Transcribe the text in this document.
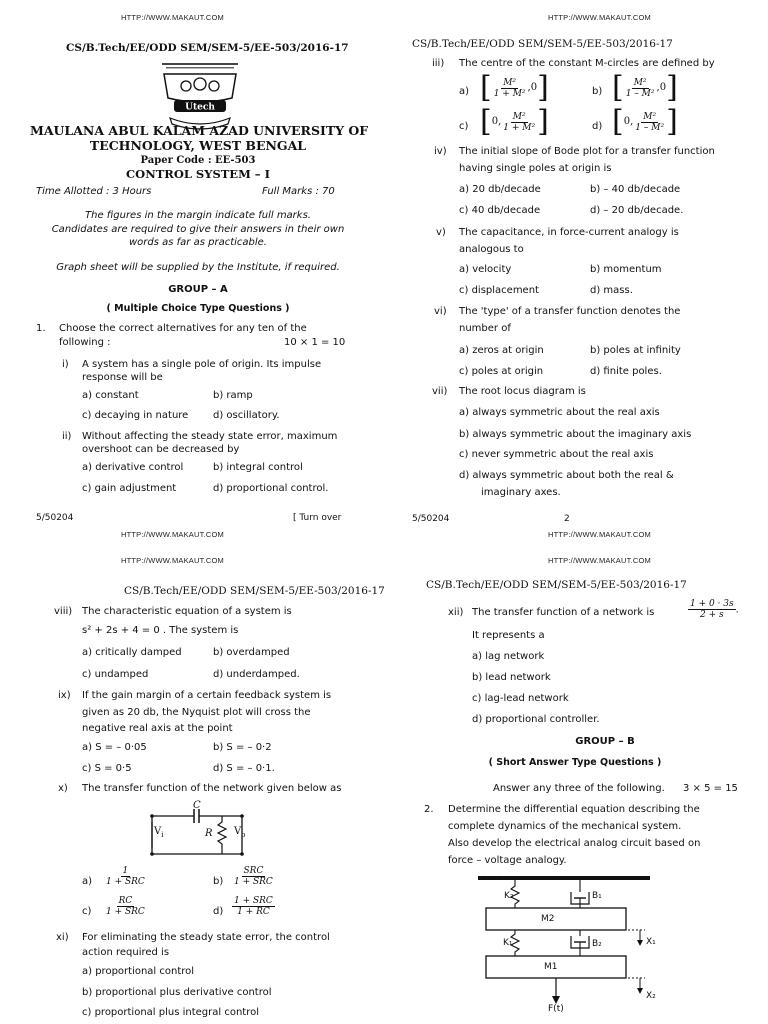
HTTP://WWW.MAKAUT.COM	HTTP://WWW.MAKAUT.COM
HTTP://WWW.MAKAUT.COM	HTTP://WWW.MAKAUT.COM
HTTP://WWW.MAKAUT.COM	HTTP://WWW.MAKAUT.COM
CS/B.Tech/EE/ODD SEM/SEM-5/EE-503/2016-17
Utech
MAULANA ABUL KALAM AZAD UNIVERSITY OF
TECHNOLOGY, WEST BENGAL
Paper Code : EE-503
CONTROL SYSTEM – I
Time Allotted : 3 Hours	Full Marks : 70
The figures in the margin indicate full marks.
Candidates are required to give their answers in their own
words as far as practicable.
Graph sheet will be supplied by the Institute, if required.
GROUP – A
( Multiple Choice Type Questions )
1. Choose the correct alternatives for any ten of the
following :	10 × 1 = 10
i) A system has a single pole of origin. Its impulse
response will be
a) constant	b) ramp
c) decaying in nature d) oscillatory.
ii) Without affecting the steady state error, maximum
overshoot can be decreased by
a) derivative control	b) integral control
c) gain adjustment	d) proportional control.
5/50204	[ Turn over
CS/B.Tech/EE/ODD SEM/SEM-5/EE-503/2016-17
iii) The centre of the constant M-circles are defined by
a) [ $\frac{\text{M²}}{\text{1 + M²}}$ , 0 ]	b) [ $\frac{\text{M²}}{\text{1 – M²}}$ , 0 ]
c) [ 0 , $\frac{\text{M²}}{\text{1 + M²}}$ ]	d) [ 0 , $\frac{\text{M²}}{\text{1 – M²}}$ ]
iv) The initial slope of Bode plot for a transfer function
having single poles at origin is
a) 20 db/decade	b) – 40 db/decade
c) 40 db/decade	d) – 20 db/decade.
v) The capacitance, in force-current analogy is
analogous to
a) velocity	b) momentum
c) displacement	d) mass.
vi) The 'type' of a transfer function denotes the
number of
a) zeros at origin	b) poles at infinity
c) poles at origin	d) finite poles.
vii) The root locus diagram is
a) always symmetric about the real axis
b) always symmetric about the imaginary axis
c) never symmetric about the real axis
d) always symmetric about both the real &
imaginary axes.
5/50204	2
CS/B.Tech/EE/ODD SEM/SEM-5/EE-503/2016-17
viii) The characteristic equation of a system is
s² + 2s + 4 = 0 . The system is
a) critically damped	b) overdamped
c) undamped	d) underdamped.
ix) If the gain margin of a certain feedback system is
given as 20 db, the Nyquist plot will cross the
negative real axis at the point
a) S = – 0·05	b) S = – 0·2
c) S = 0·5	d) S = – 0·1.
x) The transfer function of the network given below as
C
R
$V_i$	$V_o$
$a) \frac{1}{\text{1 + SRC}}$	$b) \frac{\text{SRC}}{\text{1 + SRC}}$
$c) \frac{RC}{\text{1 + SRC}}$	$d) \frac{\text{1 + SRC}}{1 + RC}$
xi) For eliminating the steady state error, the control
action required is
a) proportional control
b) proportional plus derivative control
c) proportional plus integral control
CS/B.Tech/EE/ODD SEM/SEM-5/EE-503/2016-17
xii) The transfer function of a network is	$\frac{1 + 0 \cdot 3s}{2 + s}$ .
It represents a
a) lag network
b) lead network
c) lag-lead network
d) proportional controller.
GROUP – B
( Short Answer Type Questions )
Answer any three of the following. 3 × 5 = 15
2. Determine the differential equation describing the
complete dynamics of the mechanical system.
Also develop the electrical analog circuit based on
force – voltage analogy.
K₂	B₁
M2
K₁	B₂	X₁
M1
F(t)
X₂
